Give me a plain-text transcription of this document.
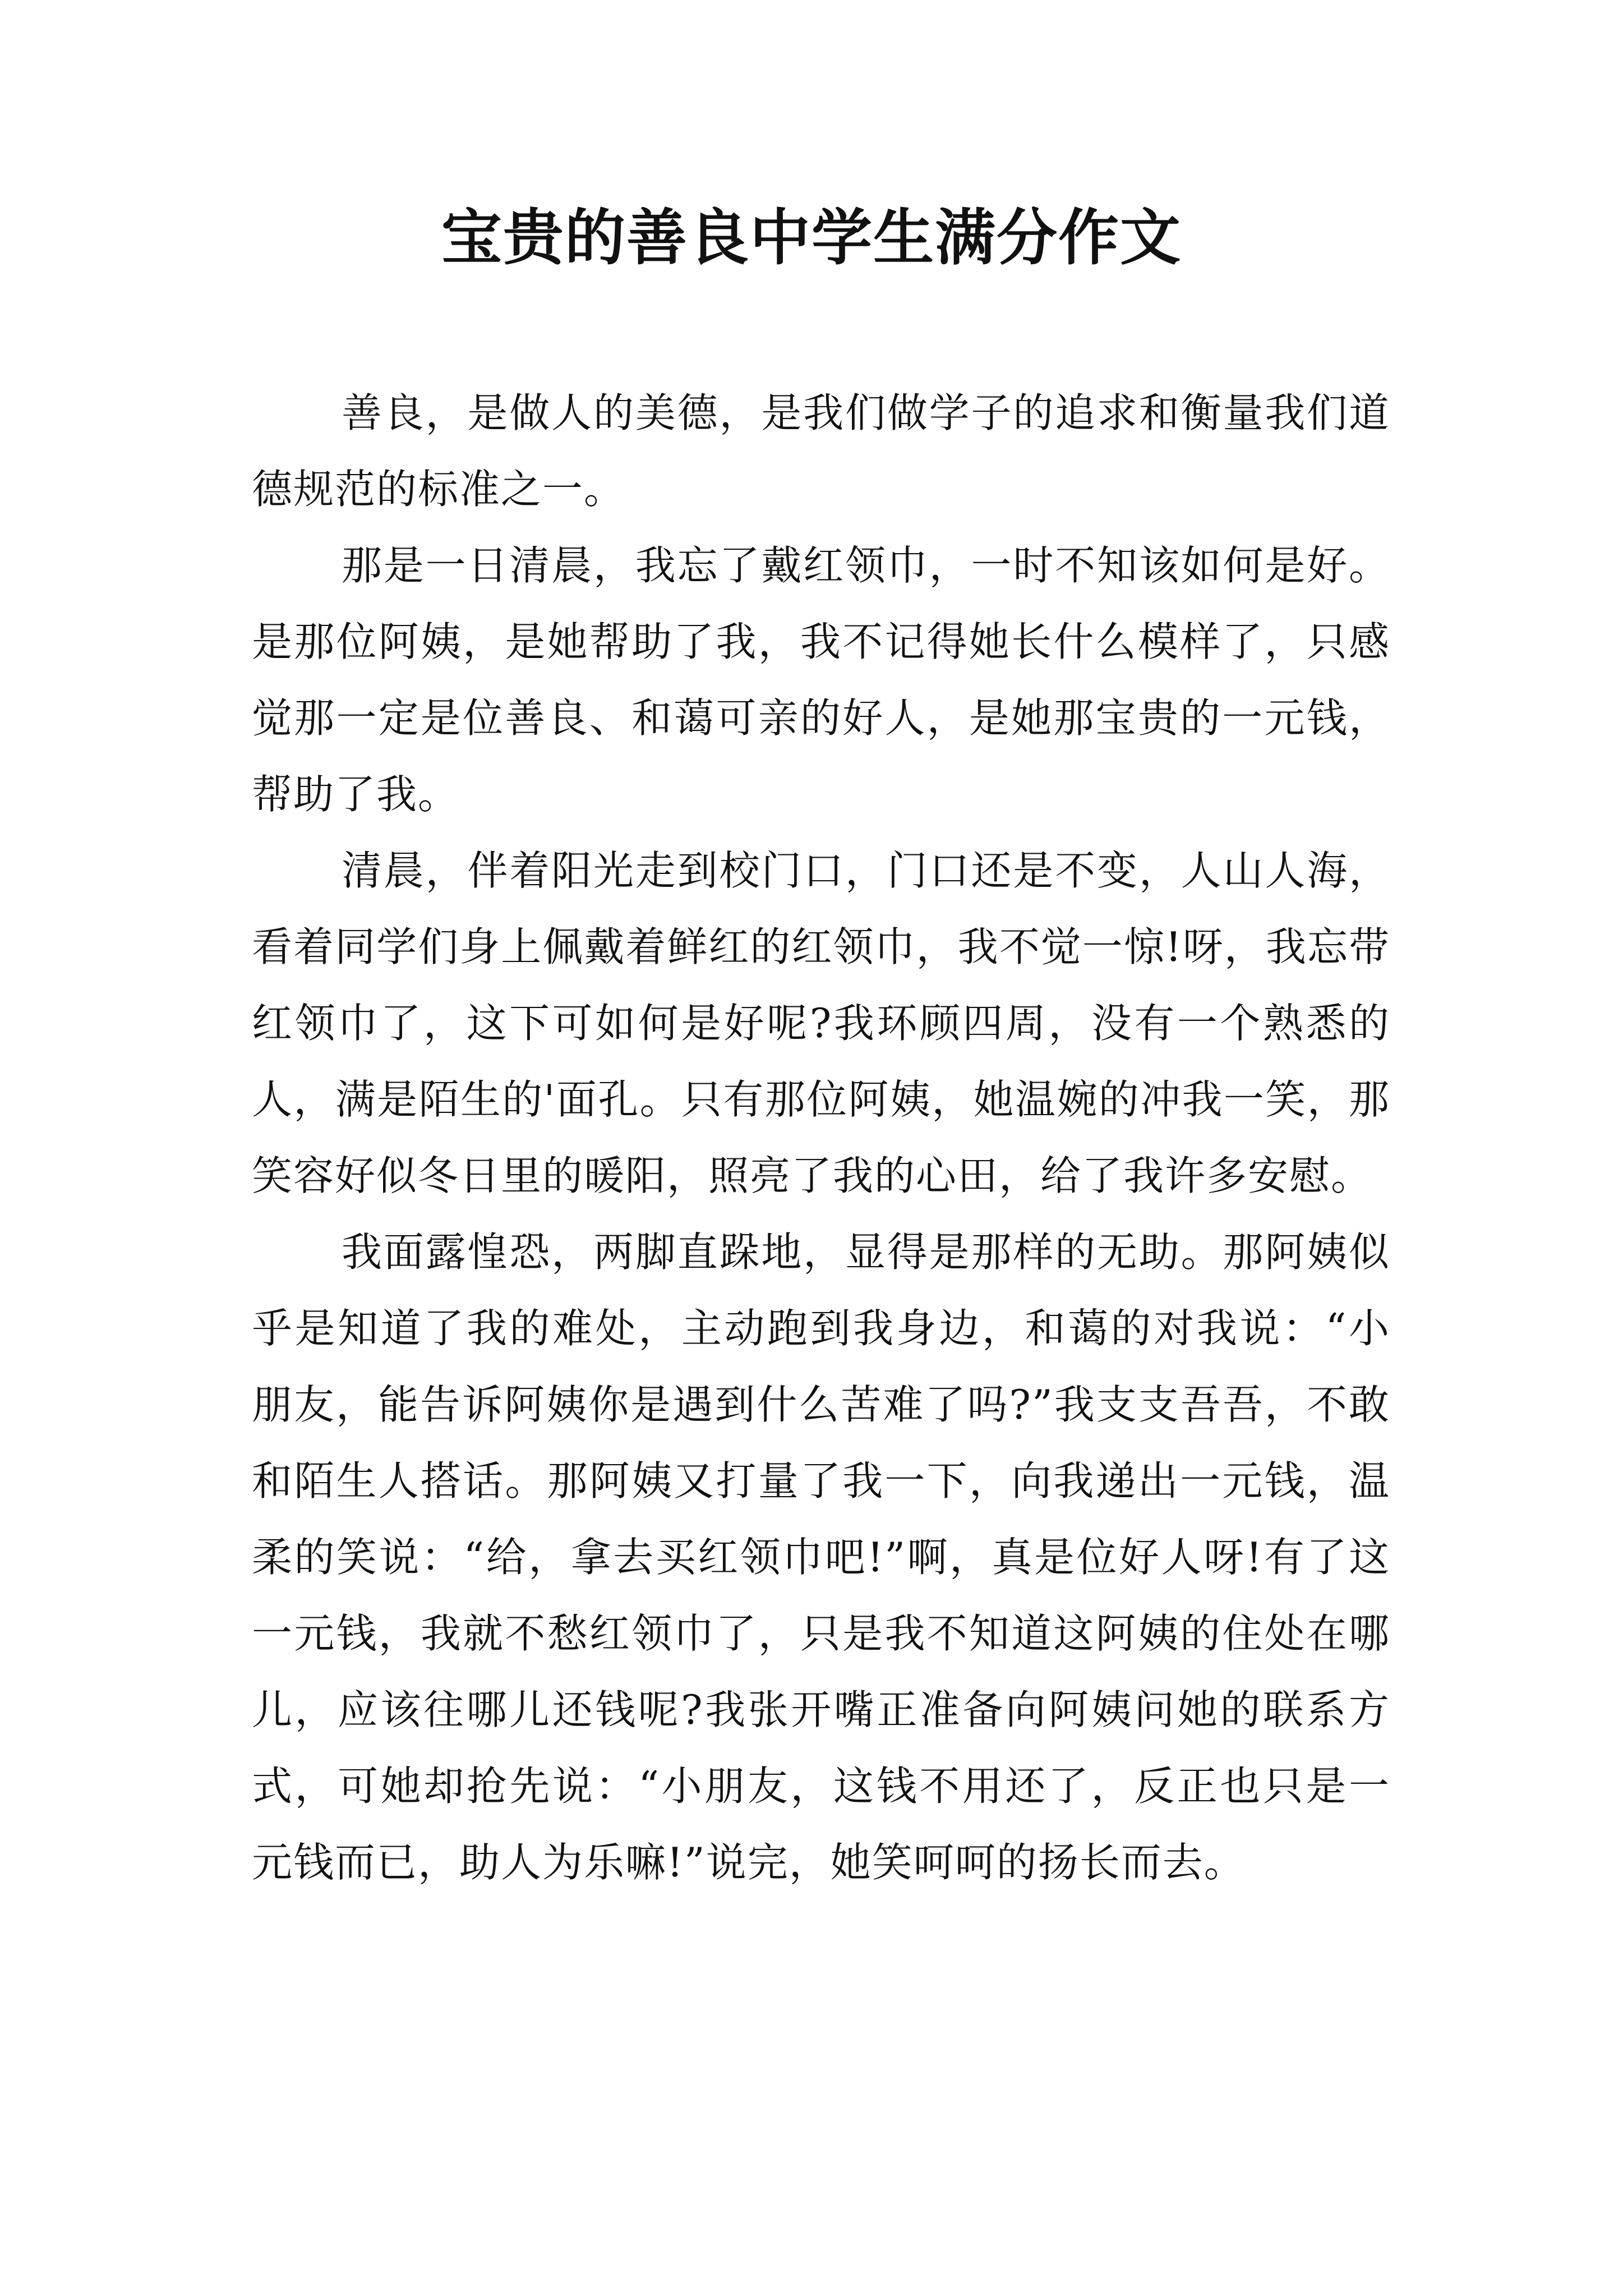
宝贵的善良中学生满分作文

善良，是做人的美德，是我们做学子的追求和衡量我们道德规范的标准之一。

那是一日清晨，我忘了戴红领巾，一时不知该如何是好。是那位阿姨，是她帮助了我，我不记得她长什么模样了，只感觉那一定是位善良、和蔼可亲的好人，是她那宝贵的一元钱，帮助了我。

清晨，伴着阳光走到校门口，门口还是不变，人山人海，看着同学们身上佩戴着鲜红的红领巾，我不觉一惊!呀，我忘带红领巾了，这下可如何是好呢?我环顾四周，没有一个熟悉的人，满是陌生的'面孔。只有那位阿姨，她温婉的冲我一笑，那笑容好似冬日里的暖阳，照亮了我的心田，给了我许多安慰。

我面露惶恐，两脚直跺地，显得是那样的无助。那阿姨似乎是知道了我的难处，主动跑到我身边，和蔼的对我说：“小朋友，能告诉阿姨你是遇到什么苦难了吗?”我支支吾吾，不敢和陌生人搭话。那阿姨又打量了我一下，向我递出一元钱，温柔的笑说：“给，拿去买红领巾吧!”啊，真是位好人呀!有了这一元钱，我就不愁红领巾了，只是我不知道这阿姨的住处在哪儿，应该往哪儿还钱呢?我张开嘴正准备向阿姨问她的联系方式，可她却抢先说：“小朋友，这钱不用还了，反正也只是一元钱而已，助人为乐嘛!”说完，她笑呵呵的扬长而去。
